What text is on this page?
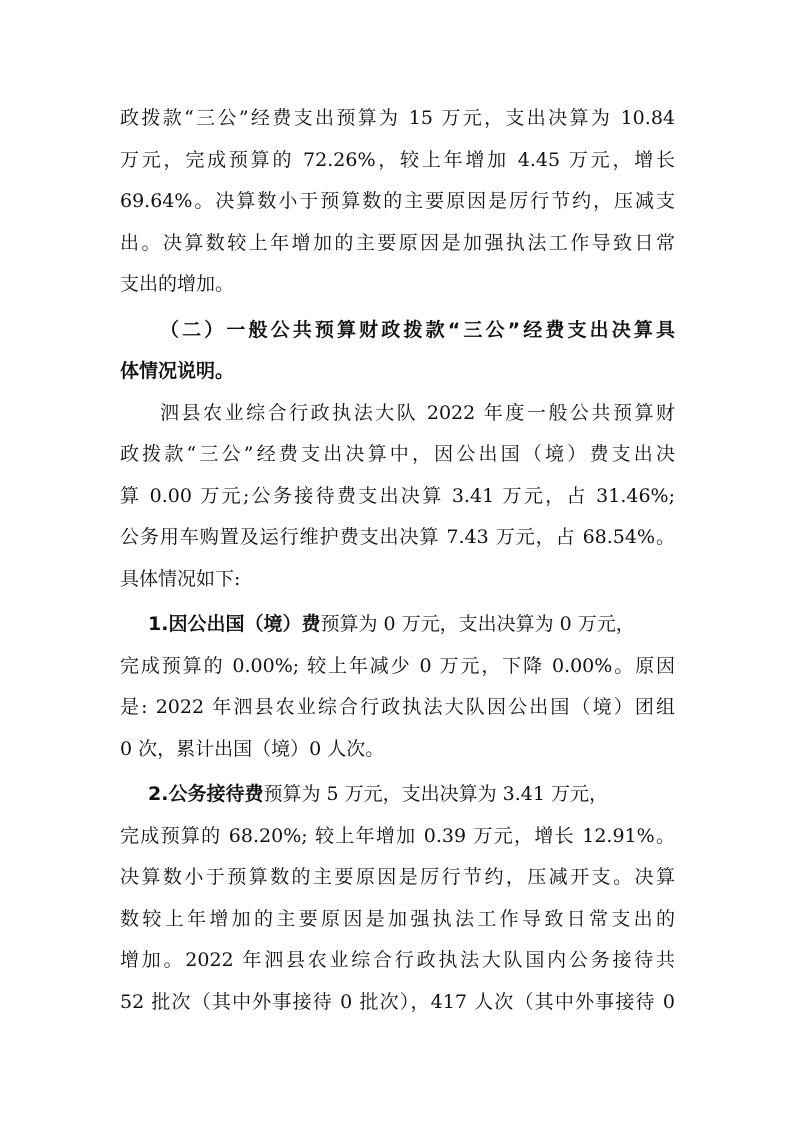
政拨款“三公”经费支出预算为 15 万元，支出决算为 10.84
万元，完成预算的 72.26%，较上年增加 4.45 万元，增长
69.64%。决算数小于预算数的主要原因是厉行节约，压减支
出。决算数较上年增加的主要原因是加强执法工作导致日常
支出的增加。
（二）一般公共预算财政拨款“三公”经费支出决算具
体情况说明。
泗县农业综合行政执法大队 2022 年度一般公共预算财
政拨款“三公”经费支出决算中，因公出国（境）费支出决
算 0.00 万元;公务接待费支出决算 3.41 万元，占 31.46%;
公务用车购置及运行维护费支出决算 7.43 万元，占 68.54%。
具体情况如下:
1.因公出国（境）费预算为 0 万元，支出决算为 0 万元，
完成预算的 0.00%; 较上年减少 0 万元，下降 0.00%。原因
是: 2022 年泗县农业综合行政执法大队因公出国（境）团组
0 次，累计出国（境）0 人次。
2.公务接待费预算为 5 万元，支出决算为 3.41 万元，
完成预算的 68.20%; 较上年增加 0.39 万元，增长 12.91%。
决算数小于预算数的主要原因是厉行节约，压减开支。决算
数较上年增加的主要原因是加强执法工作导致日常支出的
增加。2022 年泗县农业综合行政执法大队国内公务接待共
52 批次（其中外事接待 0 批次），417 人次（其中外事接待 0
